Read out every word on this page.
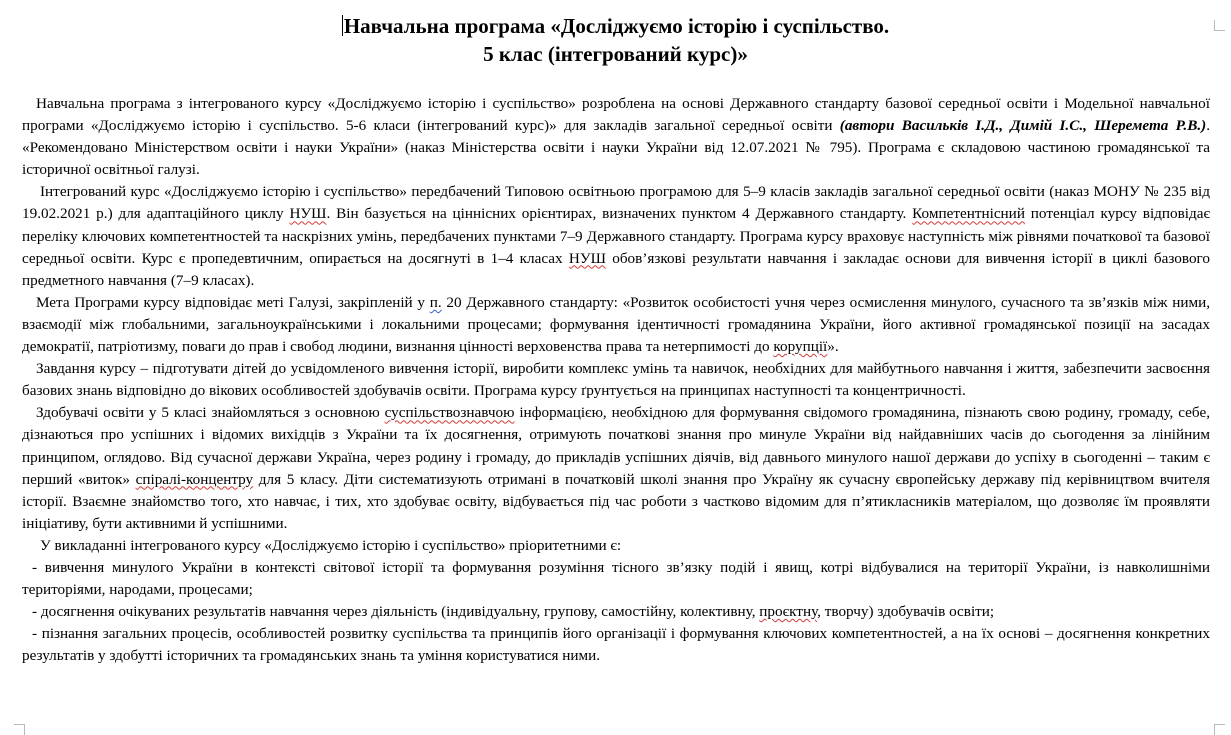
Навчальна програма «Досліджуємо історію і суспільство.
5 клас (інтегрований курс)»

Навчальна програма з інтегрованого курсу «Досліджуємо історію і суспільство» розроблена на основі Державного стандарту базової середньої освіти і Модельної навчальної програми «Досліджуємо історію і суспільство. 5-6 класи (інтегрований курс)» для закладів загальної середньої освіти (автори Васильків І.Д., Димій І.С., Шеремета Р.В.). «Рекомендовано Міністерством освіти і науки України» (наказ Міністерства освіти і науки України від 12.07.2021 № 795). Програма є складовою частиною громадянської та історичної освітньої галузі.

Інтегрований курс «Досліджуємо історію і суспільство» передбачений Типовою освітньою програмою для 5–9 класів закладів загальної середньої освіти (наказ МОНУ № 235 від 19.02.2021 р.) для адаптаційного циклу НУШ. Він базується на ціннісних орієнтирах, визначених пунктом 4 Державного стандарту. Компетентнісний потенціал курсу відповідає переліку ключових компетентностей та наскрізних умінь, передбачених пунктами 7–9 Державного стандарту. Програма курсу враховує наступність між рівнями початкової та базової середньої освіти. Курс є пропедевтичним, опирається на досягнуті в 1–4 класах НУШ обов’язкові результати навчання і закладає основи для вивчення історії в циклі базового предметного навчання (7–9 класах).

Мета Програми курсу відповідає меті Галузі, закріпленій у п. 20 Державного стандарту: «Розвиток особистості учня через осмислення минулого, сучасного та зв’язків між ними, взаємодії між глобальними, загальноукраїнськими і локальними процесами; формування ідентичності громадянина України, його активної громадянської позиції на засадах демократії, патріотизму, поваги до прав і свобод людини, визнання цінності верховенства права та нетерпимості до корупції».

Завдання курсу – підготувати дітей до усвідомленого вивчення історії, виробити комплекс умінь та навичок, необхідних для майбутнього навчання і життя, забезпечити засвоєння базових знань відповідно до вікових особливостей здобувачів освіти. Програма курсу ґрунтується на принципах наступності та концентричності.

Здобувачі освіти у 5 класі знайомляться з основною суспільствознавчою інформацією, необхідною для формування свідомого громадянина, пізнають свою родину, громаду, себе, дізнаються про успішних і відомих вихідців з України та їх досягнення, отримують початкові знання про минуле України від найдавніших часів до сьогодення за лінійним принципом, оглядово. Від сучасної держави Україна, через родину і громаду, до прикладів успішних діячів, від давнього минулого нашої держави до успіху в сьогоденні – таким є перший «виток» спіралі-концентру для 5 класу. Діти систематизують отримані в початковій школі знання про Україну як сучасну європейську державу під керівництвом вчителя історії. Взаємне знайомство того, хто навчає, і тих, хто здобуває освіту, відбувається під час роботи з частково відомим для п’ятикласників матеріалом, що дозволяє їм проявляти ініціативу, бути активними й успішними.

У викладанні інтегрованого курсу «Досліджуємо історію і суспільство» пріоритетними є:

- вивчення минулого України в контексті світової історії та формування розуміння тісного зв’язку подій і явищ, котрі відбувалися на території України, із навколишніми територіями, народами, процесами;

- досягнення очікуваних результатів навчання через діяльність (індивідуальну, групову, самостійну, колективну, проєктну, творчу) здобувачів освіти;

- пізнання загальних процесів, особливостей розвитку суспільства та принципів його організації і формування ключових компетентностей, а на їх основі – досягнення конкретних результатів у здобутті історичних та громадянських знань та уміння користуватися ними.
